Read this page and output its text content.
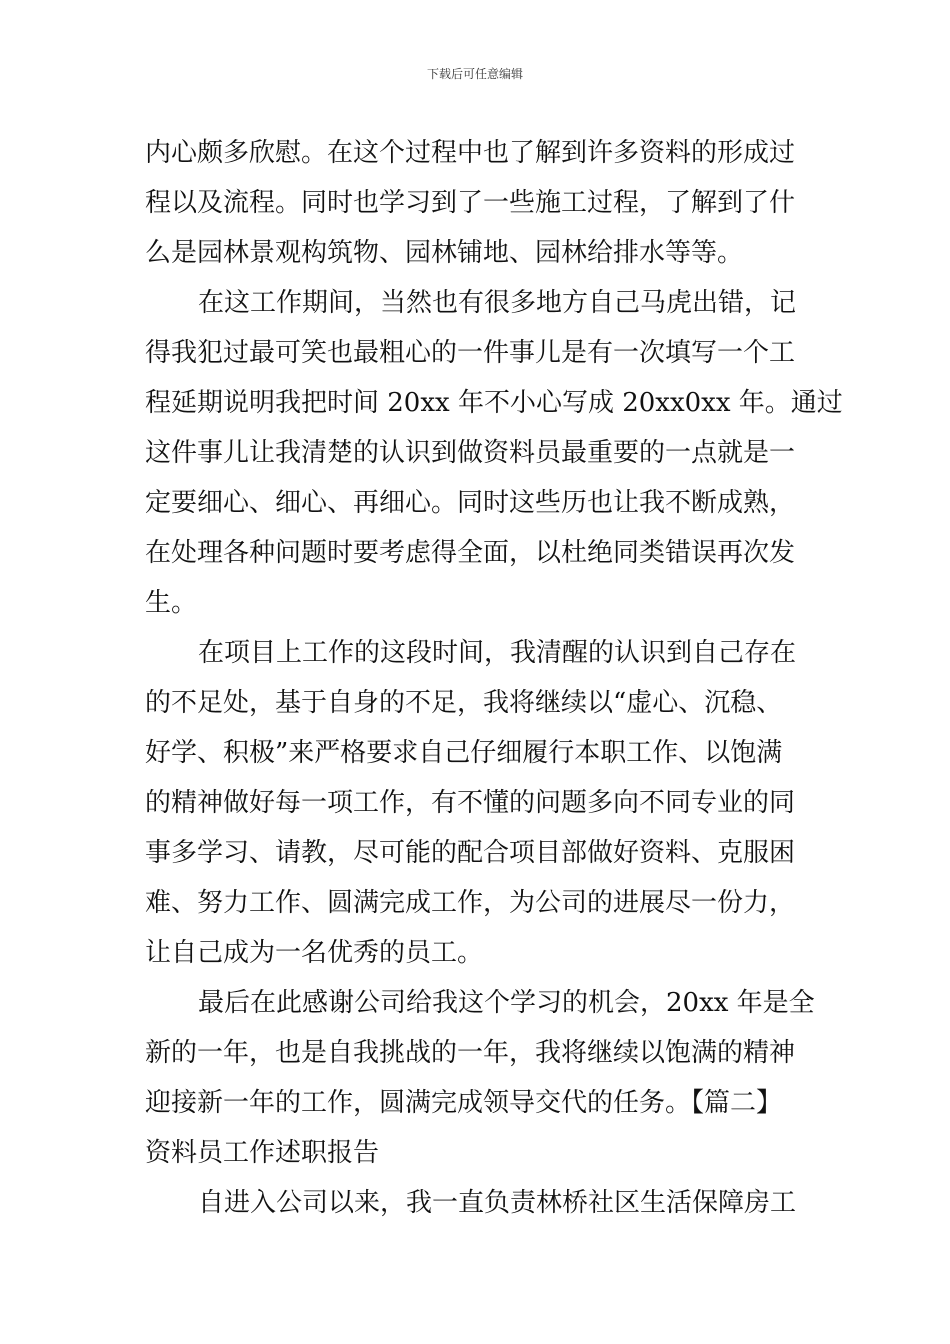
下载后可任意编辑
内心颇多欣慰。在这个过程中也了解到许多资料的形成过
程以及流程。同时也学习到了一些施工过程，了解到了什
么是园林景观构筑物、园林铺地、园林给排水等等。
在这工作期间，当然也有很多地方自己马虎出错，记
得我犯过最可笑也最粗心的一件事儿是有一次填写一个工
程延期说明我把时间 20xx 年不小心写成 20xx0xx 年。通过
这件事儿让我清楚的认识到做资料员最重要的一点就是一
定要细心、细心、再细心。同时这些历也让我不断成熟，
在处理各种问题时要考虑得全面，以杜绝同类错误再次发
生。
在项目上工作的这段时间，我清醒的认识到自己存在
的不足处，基于自身的不足，我将继续以“虚心、沉稳、
好学、积极”来严格要求自己仔细履行本职工作、以饱满
的精神做好每一项工作，有不懂的问题多向不同专业的同
事多学习、请教，尽可能的配合项目部做好资料、克服困
难、努力工作、圆满完成工作，为公司的进展尽一份力，
让自己成为一名优秀的员工。
最后在此感谢公司给我这个学习的机会，20xx 年是全
新的一年，也是自我挑战的一年，我将继续以饱满的精神
迎接新一年的工作，圆满完成领导交代的任务。【篇二】
资料员工作述职报告
自进入公司以来，我一直负责林桥社区生活保障房工
